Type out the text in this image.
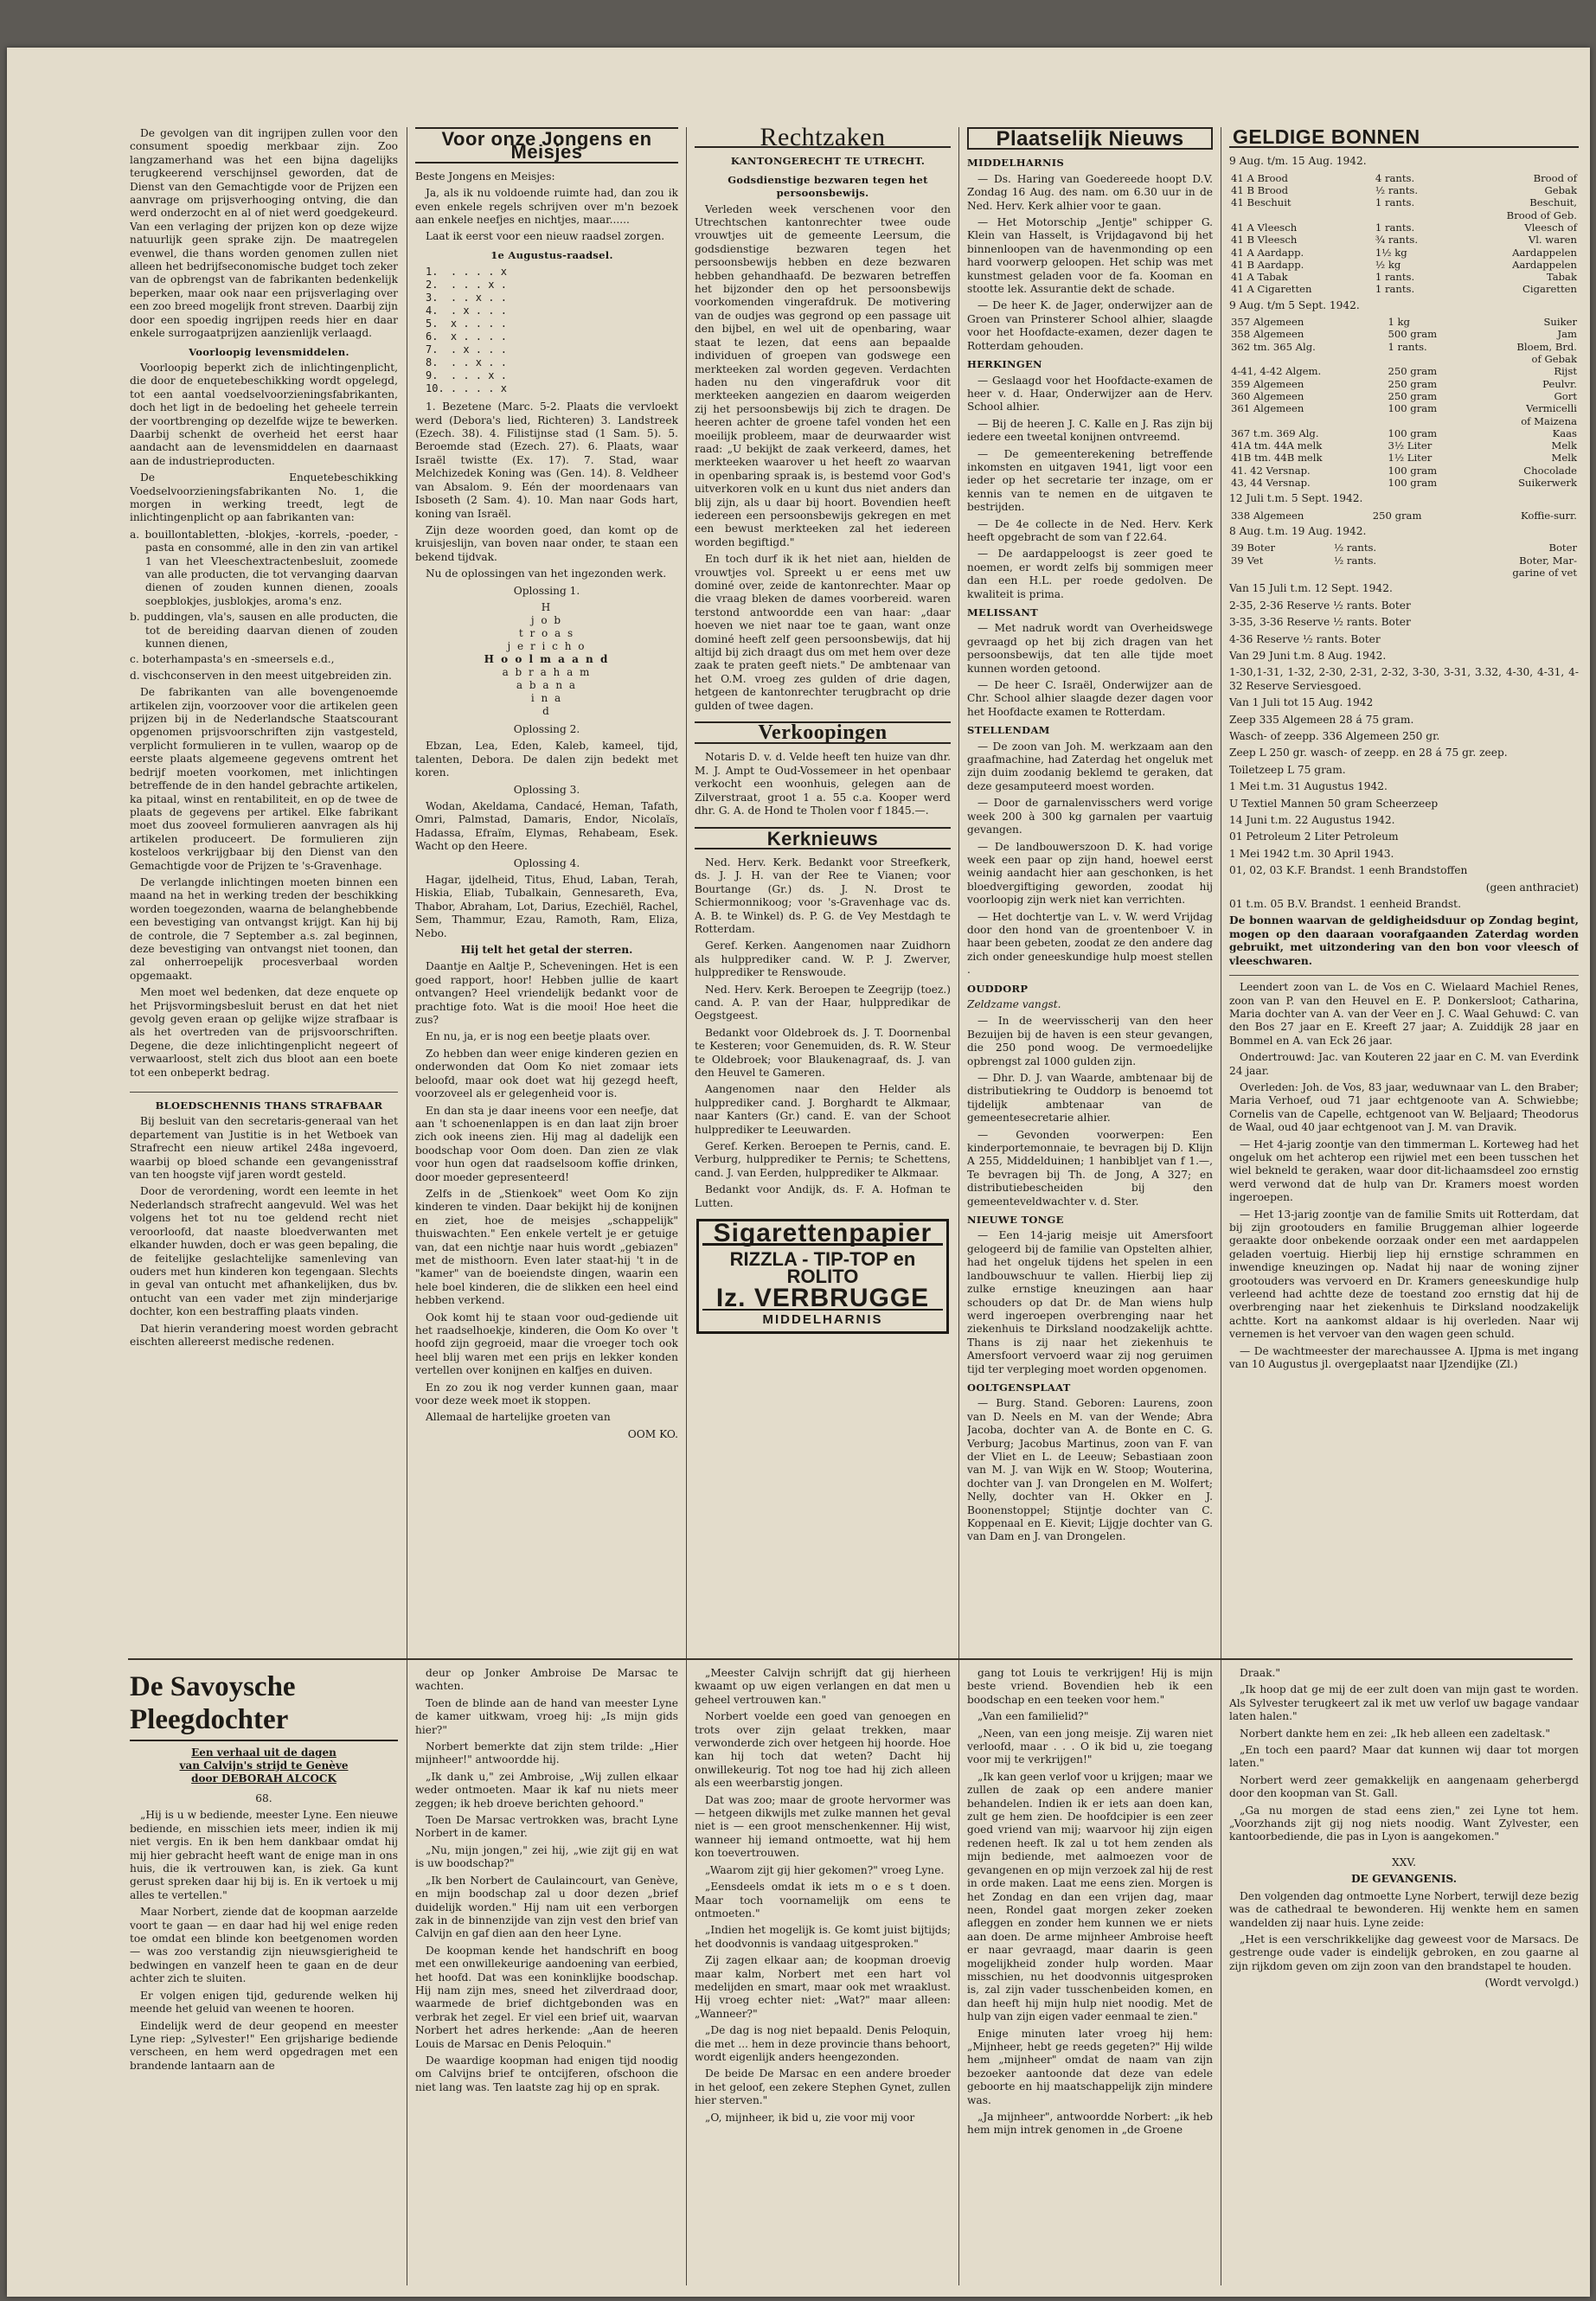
De gevolgen van dit ingrijpen zullen voor den consument spoedig merkbaar zijn. Zoo langzamerhand was het een bijna dagelijks terugkeerend verschijnsel geworden, dat de Dienst van den Gemachtigde voor de Prijzen een aanvrage om prijsverhooging ontving, die dan werd onderzocht en al of niet werd goedgekeurd. Van een verlaging der prijzen kon op deze wijze natuurlijk geen sprake zijn. De maatregelen evenwel, die thans worden genomen zullen niet alleen het bedrijfseconomische budget toch zeker van de opbrengst van de fabrikanten bedenkelijk beperken, maar ook naar een prijsverlaging over een zoo breed mogelijk front streven. Daarbij zijn door een spoedig ingrijpen reeds hier en daar enkele surrogaatprijzen aanzienlijk verlaagd.

Voorloopig levensmiddelen.

Voorloopig beperkt zich de inlichtingenplicht, die door de enquetebeschikking wordt opgelegd, tot een aantal voedselvoorzieningsfabrikanten, doch het ligt in de bedoeling het geheele terrein der voortbrenging op dezelfde wijze te bewerken. Daarbij schenkt de overheid het eerst haar aandacht aan de levensmiddelen en daarnaast aan de industrieproducten.

De Enquetebeschikking Voedselvoorzieningsfabrikanten No. 1, die morgen in werking treedt, legt de inlichtingenplicht op aan fabrikanten van:

a. bouillontabletten, -blokjes, -korrels, -poeder, -pasta en consommé, alle in den zin van artikel 1 van het Vleeschextractenbesluit, zoomede van alle producten, die tot vervanging daarvan dienen of zouden kunnen dienen, zooals soepblokjes, jusblokjes, aroma's enz.
b. puddingen, vla's, sausen en alle producten, die tot de bereiding daarvan dienen of zouden kunnen dienen,
c. boterhampasta's en -smeersels e.d.,
d. vischconserven in den meest uitgebreiden zin.

De fabrikanten van alle bovengenoemde artikelen zijn, voorzoover voor die artikelen geen prijzen bij in de Nederlandsche Staatscourant opgenomen prijsvoorschriften zijn vastgesteld, verplicht formulieren in te vullen, waarop op de eerste plaats algemeene gegevens omtrent het bedrijf moeten voorkomen, met inlichtingen betreffende de in den handel gebrachte artikelen, ka pitaal, winst en rentabiliteit, en op de twee de plaats de gegevens per artikel. Elke fabrikant moet dus zooveel formulieren aanvragen als hij artikelen produceert. De formulieren zijn kosteloos verkrijgbaar bij den Dienst van den Gemachtigde voor de Prijzen te 's-Gravenhage.

De verlangde inlichtingen moeten binnen een maand na het in werking treden der beschikking worden toegezonden, waarna de belanghebbende een bevestiging van ontvangst krijgt. Kan hij bij de controle, die 7 September a.s. zal beginnen, deze bevestiging van ontvangst niet toonen, dan zal onherroepelijk procesverbaal worden opgemaakt.

Men moet wel bedenken, dat deze enquete op het Prijsvormingsbesluit berust en dat het niet gevolg geven eraan op gelijke wijze strafbaar is als het overtreden van de prijsvoorschriften. Degene, die deze inlichtingenplicht negeert of verwaarloost, stelt zich dus bloot aan een boete tot een onbeperkt bedrag.

BLOEDSCHENNIS THANS STRAFBAAR

Bij besluit van den secretaris-generaal van het departement van Justitie is in het Wetboek van Strafrecht een nieuw artikel 248a ingevoerd, waarbij op bloed schande een gevangenisstraf van ten hoogste vijf jaren wordt gesteld.

Door de verordening, wordt een leemte in het Nederlandsch strafrecht aangevuld. Wel was het volgens het tot nu toe geldend recht niet veroorloofd, dat naaste bloedverwanten met elkander huwden, doch er was geen bepaling, die de feitelijke geslachtelijke samenleving van ouders met hun kinderen kon tegengaan. Slechts in geval van ontucht met afhankelijken, dus bv. ontucht van een vader met zijn minderjarige dochter, kon een bestraffing plaats vinden.

Dat hierin verandering moest worden gebracht eischten allereerst medische redenen.

Voor onze Jongens en Meisjes

Beste Jongens en Meisjes:

Ja, als ik nu voldoende ruimte had, dan zou ik even enkele regels schrijven over m'n bezoek aan enkele neefjes en nichtjes, maar......

Laat ik eerst voor een nieuw raadsel zorgen.

1e Augustus-raadsel.

1.  . . . . x
2.  . . . x .
3.  . . x . .
4.  . x . . .
5.  x . . . .
6.  x . . . .
7.  . x . . .
8.  . . x . .
9.  . . . x .
10. . . . . x

1. Bezetene (Marc. 5-2. Plaats die vervloekt werd (Debora's lied, Richteren) 3. Landstreek (Ezech. 38). 4. Filistijnse stad (1 Sam. 5). 5. Beroemde stad (Ezech. 27). 6. Plaats, waar Israël twistte (Ex. 17). 7. Stad, waar Melchizedek Koning was (Gen. 14). 8. Veldheer van Absalom. 9. Eén der moordenaars van Isboseth (2 Sam. 4). 10. Man naar Gods hart, koning van Israël.

Zijn deze woorden goed, dan komt op de kruisjeslijn, van boven naar onder, te staan een bekend tijdvak.

Nu de oplossingen van het ingezonden werk.

Oplossing 1.

H
j o b
t r o a s
j e r i c h o
H o o l m a a n d
a b r a h a m
a b a n a
i n a
d

Oplossing 2.

Ebzan, Lea, Eden, Kaleb, kameel, tijd, talenten, Debora. De dalen zijn bedekt met koren.

Oplossing 3.

Wodan, Akeldama, Candacé, Heman, Tafath, Omri, Palmstad, Damaris, Endor, Nicolaïs, Hadassa, Efraïm, Elymas, Rehabeam, Esek. Wacht op den Heere.

Oplossing 4.

Hagar, ijdelheid, Titus, Ehud, Laban, Terah, Hiskia, Eliab, Tubalkain, Gennesareth, Eva, Thabor, Abraham, Lot, Darius, Ezechiël, Rachel, Sem, Thammur, Ezau, Ramoth, Ram, Eliza, Nebo.

Hij telt het getal der sterren.

Daantje en Aaltje P., Scheveningen. Het is een goed rapport, hoor! Hebben jullie de kaart ontvangen? Heel vriendelijk bedankt voor de prachtige foto. Wat is die mooi! Hoe heet die zus?

En nu, ja, er is nog een beetje plaats over.

Zo hebben dan weer enige kinderen gezien en onderwonden dat Oom Ko niet zomaar iets beloofd, maar ook doet wat hij gezegd heeft, voorzoveel als er gelegenheid voor is.

En dan sta je daar ineens voor een neefje, dat aan 't schoenenlappen is en dan laat zijn broer zich ook ineens zien. Hij mag al dadelijk een boodschap voor Oom doen. Dan zien ze vlak voor hun ogen dat raadselsoom koffie drinken, door moeder gepresenteerd!

Zelfs in de „Stienkoek" weet Oom Ko zijn kinderen te vinden. Daar bekijkt hij de konijnen en ziet, hoe de meisjes „schappelijk" thuiswachten." Een enkele vertelt je er getuige van, dat een nichtje naar huis wordt „gebiazen" met de misthoorn. Even later staat-hij 't in de "kamer" van de boeiendste dingen, waarin een hele boel kinderen, die de slikken een heel eind hebben verkend.

Ook komt hij te staan voor oud-gediende uit het raadselhoekje, kinderen, die Oom Ko over 't hoofd zijn gegroeid, maar die vroeger toch ook heel blij waren met een prijs en lekker konden vertellen over konijnen en kalfjes en duiven.

En zo zou ik nog verder kunnen gaan, maar voor deze week moet ik stoppen.

Allemaal de hartelijke groeten van

OOM KO.

Rechtzaken

KANTONGERECHT TE UTRECHT.

Godsdienstige bezwaren tegen het persoonsbewijs.

Verleden week verschenen voor den Utrechtschen kantonrechter twee oude vrouwtjes uit de gemeente Leersum, die godsdienstige bezwaren tegen het persoonsbewijs hebben en deze bezwaren hebben gehandhaafd. De bezwaren betreffen het bijzonder den op het persoonsbewijs voorkomenden vingerafdruk. De motivering van de oudjes was gegrond op een passage uit den bijbel, en wel uit de openbaring, waar staat te lezen, dat eens aan bepaalde individuen of groepen van godswege een merkteeken zal worden gegeven. Verdachten haden nu den vingerafdruk voor dit merkteeken aangezien en daarom weigerden zij het persoonsbewijs bij zich te dragen. De heeren achter de groene tafel vonden het een moeilijk probleem, maar de deurwaarder wist raad: „U bekijkt de zaak verkeerd, dames, het merkteeken waarover u het heeft zo waarvan in openbaring spraak is, is bestemd voor God's uitverkoren volk en u kunt dus niet anders dan blij zijn, als u daar bij hoort. Bovendien heeft iedereen een persoonsbewijs gekregen en met een bewust merkteeken zal het iedereen worden begiftigd."

En toch durf ik ik het niet aan, hielden de vrouwtjes vol. Spreekt u er eens met uw dominé over, zeide de kantonrechter. Maar op die vraag bleken de dames voorbereid. waren terstond antwoordde een van haar: „daar hoeven we niet naar toe te gaan, want onze dominé heeft zelf geen persoonsbewijs, dat hij altijd bij zich draagt dus om met hem over deze zaak te praten geeft niets." De ambtenaar van het O.M. vroeg zes gulden of drie dagen, hetgeen de kantonrechter terugbracht op drie gulden of twee dagen.

Verkoopingen

Notaris D. v. d. Velde heeft ten huize van dhr. M. J. Ampt te Oud-Vossemeer in het openbaar verkocht een woonhuis, gelegen aan de Zilverstraat, groot 1 a. 55 c.a. Kooper werd dhr. G. A. de Hond te Tholen voor f 1845.—.

Kerknieuws

Ned. Herv. Kerk. Bedankt voor Streefkerk, ds. J. J. H. van der Ree te Vianen; voor Bourtange (Gr.) ds. J. N. Drost te Schiermonnikoog; voor 's-Gravenhage vac ds. A. B. te Winkel) ds. P. G. de Vey Mestdagh te Rotterdam.

Geref. Kerken. Aangenomen naar Zuidhorn als hulpprediker cand. W. P. J. Zwerver, hulpprediker te Renswoude.

Ned. Herv. Kerk. Beroepen te Zeegrijp (toez.) cand. A. P. van der Haar, hulppredikar de Oegstgeest.

Bedankt voor Oldebroek ds. J. T. Doornenbal te Kesteren; voor Genemuiden, ds. R. W. Steur te Oldebroek; voor Blaukenagraaf, ds. J. van den Heuvel te Gameren.

Aangenomen naar den Helder als hulpprediker cand. J. Borghardt te Alkmaar, naar Kanters (Gr.) cand. E. van der Schoot hulpprediker te Leeuwarden.

Geref. Kerken. Beroepen te Pernis, cand. E. Verburg, hulpprediker te Pernis; te Schettens, cand. J. van Eerden, hulpprediker te Alkmaar.

Bedankt voor Andijk, ds. F. A. Hofman te Lutten.

Sigarettenpapier
RIZZLA - TIP-TOP en
ROLITO
Iz. VERBRUGGE
MIDDELHARNIS
Plaatselijk Nieuws

MIDDELHARNIS

— Ds. Haring van Goedereede hoopt D.V. Zondag 16 Aug. des nam. om 6.30 uur in de Ned. Herv. Kerk alhier voor te gaan.

— Het Motorschip „Jentje" schipper G. Klein van Hasselt, is Vrijdagavond bij het binnenloopen van de havenmonding op een hard voorwerp geloopen. Het schip was met kunstmest geladen voor de fa. Kooman en stootte lek. Assurantie dekt de schade.

— De heer K. de Jager, onderwijzer aan de Groen van Prinsterer School alhier, slaagde voor het Hoofdacte-examen, dezer dagen te Rotterdam gehouden.

HERKINGEN

— Geslaagd voor het Hoofdacte-examen de heer v. d. Haar, Onderwijzer aan de Herv. School alhier.

— Bij de heeren J. C. Kalle en J. Ras zijn bij iedere een tweetal konijnen ontvreemd.

— De gemeenterekening betreffende inkomsten en uitgaven 1941, ligt voor een ieder op het secretarie ter inzage, om er kennis van te nemen en de uitgaven te bestrijden.

— De 4e collecte in de Ned. Herv. Kerk heeft opgebracht de som van f 22.64.

— De aardappeloogst is zeer goed te noemen, er wordt zelfs bij sommigen meer dan een H.L. per roede gedolven. De kwaliteit is prima.

MELISSANT

— Met nadruk wordt van Overheidswege gevraagd op het bij zich dragen van het persoonsbewijs, dat ten alle tijde moet kunnen worden getoond.

— De heer C. Israël, Onderwijzer aan de Chr. School alhier slaagde dezer dagen voor het Hoofdacte examen te Rotterdam.

STELLENDAM

— De zoon van Joh. M. werkzaam aan den graafmachine, had Zaterdag het ongeluk met zijn duim zoodanig beklemd te geraken, dat deze gesamputeerd moest worden.

— Door de garnalenvisschers werd vorige week 200 à 300 kg garnalen per vaartuig gevangen.

— De landbouwerszoon D. K. had vorige week een paar op zijn hand, hoewel eerst weinig aandacht hier aan geschonken, is het bloedvergiftiging geworden, zoodat hij voorloopig zijn werk niet kan verrichten.

— Het dochtertje van L. v. W. werd Vrijdag door den hond van de groentenboer V. in haar been gebeten, zoodat ze den andere dag zich onder geneeskundige hulp moest stellen .

OUDDORP

Zeldzame vangst.

— In de weervisscherij van den heer Bezuijen bij de haven is een steur gevangen, die 250 pond woog. De vermoedelijke opbrengst zal 1000 gulden zijn.

— Dhr. D. J. van Waarde, ambtenaar bij de distributiekring te Ouddorp is benoemd tot tijdelijk ambtenaar van de gemeentesecretarie alhier.

— Gevonden voorwerpen: Een kinderportemonnaie, te bevragen bij D. Klijn A 255, Middelduinen; 1 hanbibljet van f 1.—, Te bevragen bij Th. de Jong, A 327; en distributiebescheiden bij den gemeenteveldwachter v. d. Ster.

NIEUWE TONGE

— Een 14-jarig meisje uit Amersfoort gelogeerd bij de familie van Opstelten alhier, had het ongeluk tijdens het spelen in een landbouwschuur te vallen. Hierbij liep zij zulke ernstige kneuzingen aan haar schouders op dat Dr. de Man wiens hulp werd ingeroepen overbrenging naar het ziekenhuis te Dirksland noodzakelijk achtte. Thans is zij naar het ziekenhuis te Amersfoort vervoerd waar zij nog geruimen tijd ter verpleging moet worden opgenomen.

OOLTGENSPLAAT

— Burg. Stand. Geboren: Laurens, zoon van D. Neels en M. van der Wende; Abra Jacoba, dochter van A. de Bonte en C. G. Verburg; Jacobus Martinus, zoon van F. van der Vliet en L. de Leeuw; Sebastiaan zoon van M. J. van Wijk en W. Stoop; Wouterina, dochter van J. van Drongelen en M. Wolfert; Nelly, dochter van H. Okker en J. Boonenstoppel; Stijntje dochter van C. Koppenaal en E. Kievit; Lijgje dochter van G. van Dam en J. van Drongelen.

GELDIGE BONNEN

9 Aug. t/m. 15 Aug. 1942.

41 A Brood	4 rants.	Brood of
41 B Brood	½ rants.	Gebak
41 Beschuit	1 rants.	Beschuit,
		Brood of Geb.
41 A Vleesch	1 rants.	Vleesch of
41 B Vleesch	¾ rants.	Vl. waren
41 A Aardapp.	1½ kg	Aardappelen
41 B Aardapp.	½ kg	Aardappelen
41 A Tabak	1 rants.	Tabak
41 A Cigaretten	1 rants.	Cigaretten

9 Aug. t/m 5 Sept. 1942.

357 Algemeen	1 kg	Suiker
358 Algemeen	500 gram	Jam
362 tm. 365 Alg.	1 rants.	Bloem, Brd.
		of Gebak
4-41, 4-42 Algem.	250 gram	Rijst
359 Algemeen	250 gram	Peulvr.
360 Algemeen	250 gram	Gort
361 Algemeen	100 gram	Vermicelli
		of Maizena
367 t.m. 369 Alg.	100 gram	Kaas
41A tm. 44A melk	3½ Liter	Melk
41B tm. 44B melk	1½ Liter	Melk
41. 42 Versnap.	100 gram	Chocolade
43, 44 Versnap.	100 gram	Suikerwerk

12 Juli t.m. 5 Sept. 1942.

338 Algemeen	250 gram	Koffie-surr.

8 Aug. t.m. 19 Aug. 1942.

39 Boter	½ rants.	Boter
39 Vet	½ rants.	Boter, Mar-
		garine of vet

Van 15 Juli t.m. 12 Sept. 1942.

2-35, 2-36 Reserve ½ rants. Boter

3-35, 3-36 Reserve ½ rants. Boter

4-36 Reserve ½ rants. Boter

Van 29 Juni t.m. 8 Aug. 1942.

1-30,1-31, 1-32, 2-30, 2-31, 2-32, 3-30, 3-31, 3.32, 4-30, 4-31, 4-32 Reserve Serviesgoed.

Van 1 Juli tot 15 Aug. 1942

Zeep 335 Algemeen 28 á 75 gram.

Wasch- of zeepp. 336 Algemeen 250 gr.

Zeep L 250 gr. wasch- of zeepp. en 28 á 75 gr. zeep.

Toiletzeep L 75 gram.

1 Mei t.m. 31 Augustus 1942.

U Textiel Mannen 50 gram Scheerzeep

14 Juni t.m. 22 Augustus 1942.

01 Petroleum 2 Liter Petroleum

1 Mei 1942 t.m. 30 April 1943.

01, 02, 03 K.F. Brandst. 1 eenh Brandstoffen

(geen anthraciet)

01 t.m. 05 B.V. Brandst. 1 eenheid Brandst.

De bonnen waarvan de geldigheidsduur op Zondag begint, mogen op den daaraan voorafgaanden Zaterdag worden gebruikt, met uitzondering van den bon voor vleesch of vleeschwaren.

Leendert zoon van L. de Vos en C. Wielaard Machiel Renes, zoon van P. van den Heuvel en E. P. Donkersloot; Catharina, Maria dochter van A. van der Veer en J. C. Waal Gehuwd: C. van den Bos 27 jaar en E. Kreeft 27 jaar; A. Zuiddijk 28 jaar en Bommel en A. van Eck 26 jaar.

Ondertrouwd: Jac. van Kouteren 22 jaar en C. M. van Everdink 24 jaar.

Overleden: Joh. de Vos, 83 jaar, weduwnaar van L. den Braber; Maria Verhoef, oud 71 jaar echtgenoote van A. Schwiebbe; Cornelis van de Capelle, echtgenoot van W. Beljaard; Theodorus de Waal, oud 40 jaar echtgenoot van J. M. van Dravik.

— Het 4-jarig zoontje van den timmerman L. Korteweg had het ongeluk om het achterop een rijwiel met een been tusschen het wiel bekneld te geraken, waar door dit-lichaamsdeel zoo ernstig werd verwond dat de hulp van Dr. Kramers moest worden ingeroepen.

— Het 13-jarig zoontje van de familie Smits uit Rotterdam, dat bij zijn grootouders en familie Bruggeman alhier logeerde geraakte door onbekende oorzaak onder een met aardappelen geladen voertuig. Hierbij liep hij ernstige schrammen en inwendige kneuzingen op. Nadat hij naar de woning zijner grootouders was vervoerd en Dr. Kramers geneeskundige hulp verleend had achtte deze de toestand zoo ernstig dat hij de overbrenging naar het ziekenhuis te Dirksland noodzakelijk achtte. Kort na aankomst aldaar is hij overleden. Naar wij vernemen is het vervoer van den wagen geen schuld.

— De wachtmeester der marechaussee A. IJpma is met ingang van 10 Augustus jl. overgeplaatst naar IJzendijke (Zl.)

De Savoysche
Pleegdochter
Een verhaal uit de dagen
van Calvijn's strijd te Genève
door DEBORAH ALCOCK

68.

„Hij is u w bediende, meester Lyne. Een nieuwe bediende, en misschien iets meer, indien ik mij niet vergis. En ik ben hem dankbaar omdat hij mij hier gebracht heeft want de enige man in ons huis, die ik vertrouwen kan, is ziek. Ga kunt gerust spreken daar hij bij is. En ik vertoek u mij alles te vertellen."

Maar Norbert, ziende dat de koopman aarzelde voort te gaan — en daar had hij wel enige reden toe omdat een blinde kon beetgenomen worden — was zoo verstandig zijn nieuwsgierigheid te bedwingen en vanzelf heen te gaan en de deur achter zich te sluiten.

Er volgen enigen tijd, gedurende welken hij meende het geluid van weenen te hooren.

Eindelijk werd de deur geopend en meester Lyne riep: „Sylvester!" Een grijsharige bediende verscheen, en hem werd opgedragen met een brandende lantaarn aan de

deur op Jonker Ambroise De Marsac te wachten.

Toen de blinde aan de hand van meester Lyne de kamer uitkwam, vroeg hij: „Is mijn gids hier?"

Norbert bemerkte dat zijn stem trilde: „Hier mijnheer!" antwoordde hij.

„Ik dank u," zei Ambroise, „Wij zullen elkaar weder ontmoeten. Maar ik kaf nu niets meer zeggen; ik heb droeve berichten gehoord."

Toen De Marsac vertrokken was, bracht Lyne Norbert in de kamer.

„Nu, mijn jongen," zei hij, „wie zijt gij en wat is uw boodschap?"

„Ik ben Norbert de Caulaincourt, van Genève, en mijn boodschap zal u door dezen „brief duidelijk worden." Hij nam uit een verborgen zak in de binnenzijde van zijn vest den brief van Calvijn en gaf dien aan den heer Lyne.

De koopman kende het handschrift en boog met een onwillekeurige aandoening van eerbied, het hoofd. Dat was een koninklijke boodschap. Hij nam zijn mes, sneed het zilverdraad door, waarmede de brief dichtgebonden was en verbrak het zegel. Er viel een brief uit, waarvan Norbert het adres herkende: „Aan de heeren Louis de Marsac en Denis Peloquin."

De waardige koopman had enigen tijd noodig om Calvijns brief te ontcijferen, ofschoon die niet lang was. Ten laatste zag hij op en sprak.

„Meester Calvijn schrijft dat gij hierheen kwaamt op uw eigen verlangen en dat men u geheel vertrouwen kan."

Norbert voelde een goed van genoegen en trots over zijn gelaat trekken, maar verwonderde zich over hetgeen hij hoorde. Hoe kan hij toch dat weten? Dacht hij onwillekeurig. Tot nog toe had hij zich alleen als een weerbarstig jongen.

Dat was zoo; maar de groote hervormer was — hetgeen dikwijls met zulke mannen het geval niet is — een groot menschenkenner. Hij wist, wanneer hij iemand ontmoette, wat hij hem kon toevertrouwen.

„Waarom zijt gij hier gekomen?" vroeg Lyne.

„Eensdeels omdat ik iets m o e s t doen. Maar toch voornamelijk om eens te ontmoeten."

„Indien het mogelijk is. Ge komt juist bijtijds; het doodvonnis is vandaag uitgesproken."

Zij zagen elkaar aan; de koopman droevig maar kalm, Norbert met een hart vol medelijden en smart, maar ook met wraaklust. Hij vroeg echter niet: „Wat?" maar alleen: „Wanneer?"

„De dag is nog niet bepaald. Denis Peloquin, die met ... hem in deze provincie thans behoort, wordt eigenlijk anders heengezonden.

De beide De Marsac en een andere broeder in het geloof, een zekere Stephen Gynet, zullen hier sterven."

„O, mijnheer, ik bid u, zie voor mij voor

gang tot Louis te verkrijgen! Hij is mijn beste vriend. Bovendien heb ik een boodschap en een teeken voor hem."

„Van een familielid?"

„Neen, van een jong meisje. Zij waren niet verloofd, maar . . . O ik bid u, zie toegang voor mij te verkrijgen!"

„Ik kan geen verlof voor u krijgen; maar we zullen de zaak op een andere manier behandelen. Indien ik er iets aan doen kan, zult ge hem zien. De hoofdcipier is een zeer goed vriend van mij; waarvoor hij zijn eigen redenen heeft. Ik zal u tot hem zenden als mijn bediende, met aalmoezen voor de gevangenen en op mijn verzoek zal hij de rest in orde maken. Laat me eens zien. Morgen is het Zondag en dan een vrijen dag, maar neen, Rondel gaat morgen zeker zoeken afleggen en zonder hem kunnen we er niets aan doen. De arme mijnheer Ambroise heeft er naar gevraagd, maar daarin is geen mogelijkheid zonder hulp worden. Maar misschien, nu het doodvonnis uitgesproken is, zal zijn vader tusschenbeiden komen, en dan heeft hij mijn hulp niet noodig. Met de hulp van zijn eigen vader eenmaal te zien."

Enige minuten later vroeg hij hem: „Mijnheer, hebt ge reeds gegeten?" Hij wilde hem „mijnheer" omdat de naam van zijn bezoeker aantoonde dat deze van edele geboorte en hij maatschappelijk zijn mindere was.

„Ja mijnheer", antwoordde Norbert: „ik heb hem mijn intrek genomen in „de Groene

Draak."

„Ik hoop dat ge mij de eer zult doen van mijn gast te worden. Als Sylvester terugkeert zal ik met uw verlof uw bagage vandaar laten halen."

Norbert dankte hem en zei: „Ik heb alleen een zadeltask."

„En toch een paard? Maar dat kunnen wij daar tot morgen laten."

Norbert werd zeer gemakkelijk en aangenaam geherbergd door den koopman van St. Gall.

„Ga nu morgen de stad eens zien," zei Lyne tot hem. „Voorzhands zijt gij nog niets noodig. Want Zylvester, een kantoorbediende, die pas in Lyon is aangekomen."

XXV.

DE GEVANGENIS.

Den volgenden dag ontmoette Lyne Norbert, terwijl deze bezig was de cathedraal te bewonderen. Hij wenkte hem en samen wandelden zij naar huis. Lyne zeide:

„Het is een verschrikkelijke dag geweest voor de Marsacs. De gestrenge oude vader is eindelijk gebroken, en zou gaarne al zijn rijkdom geven om zijn zoon van den brandstapel te houden.

(Wordt vervolgd.)
